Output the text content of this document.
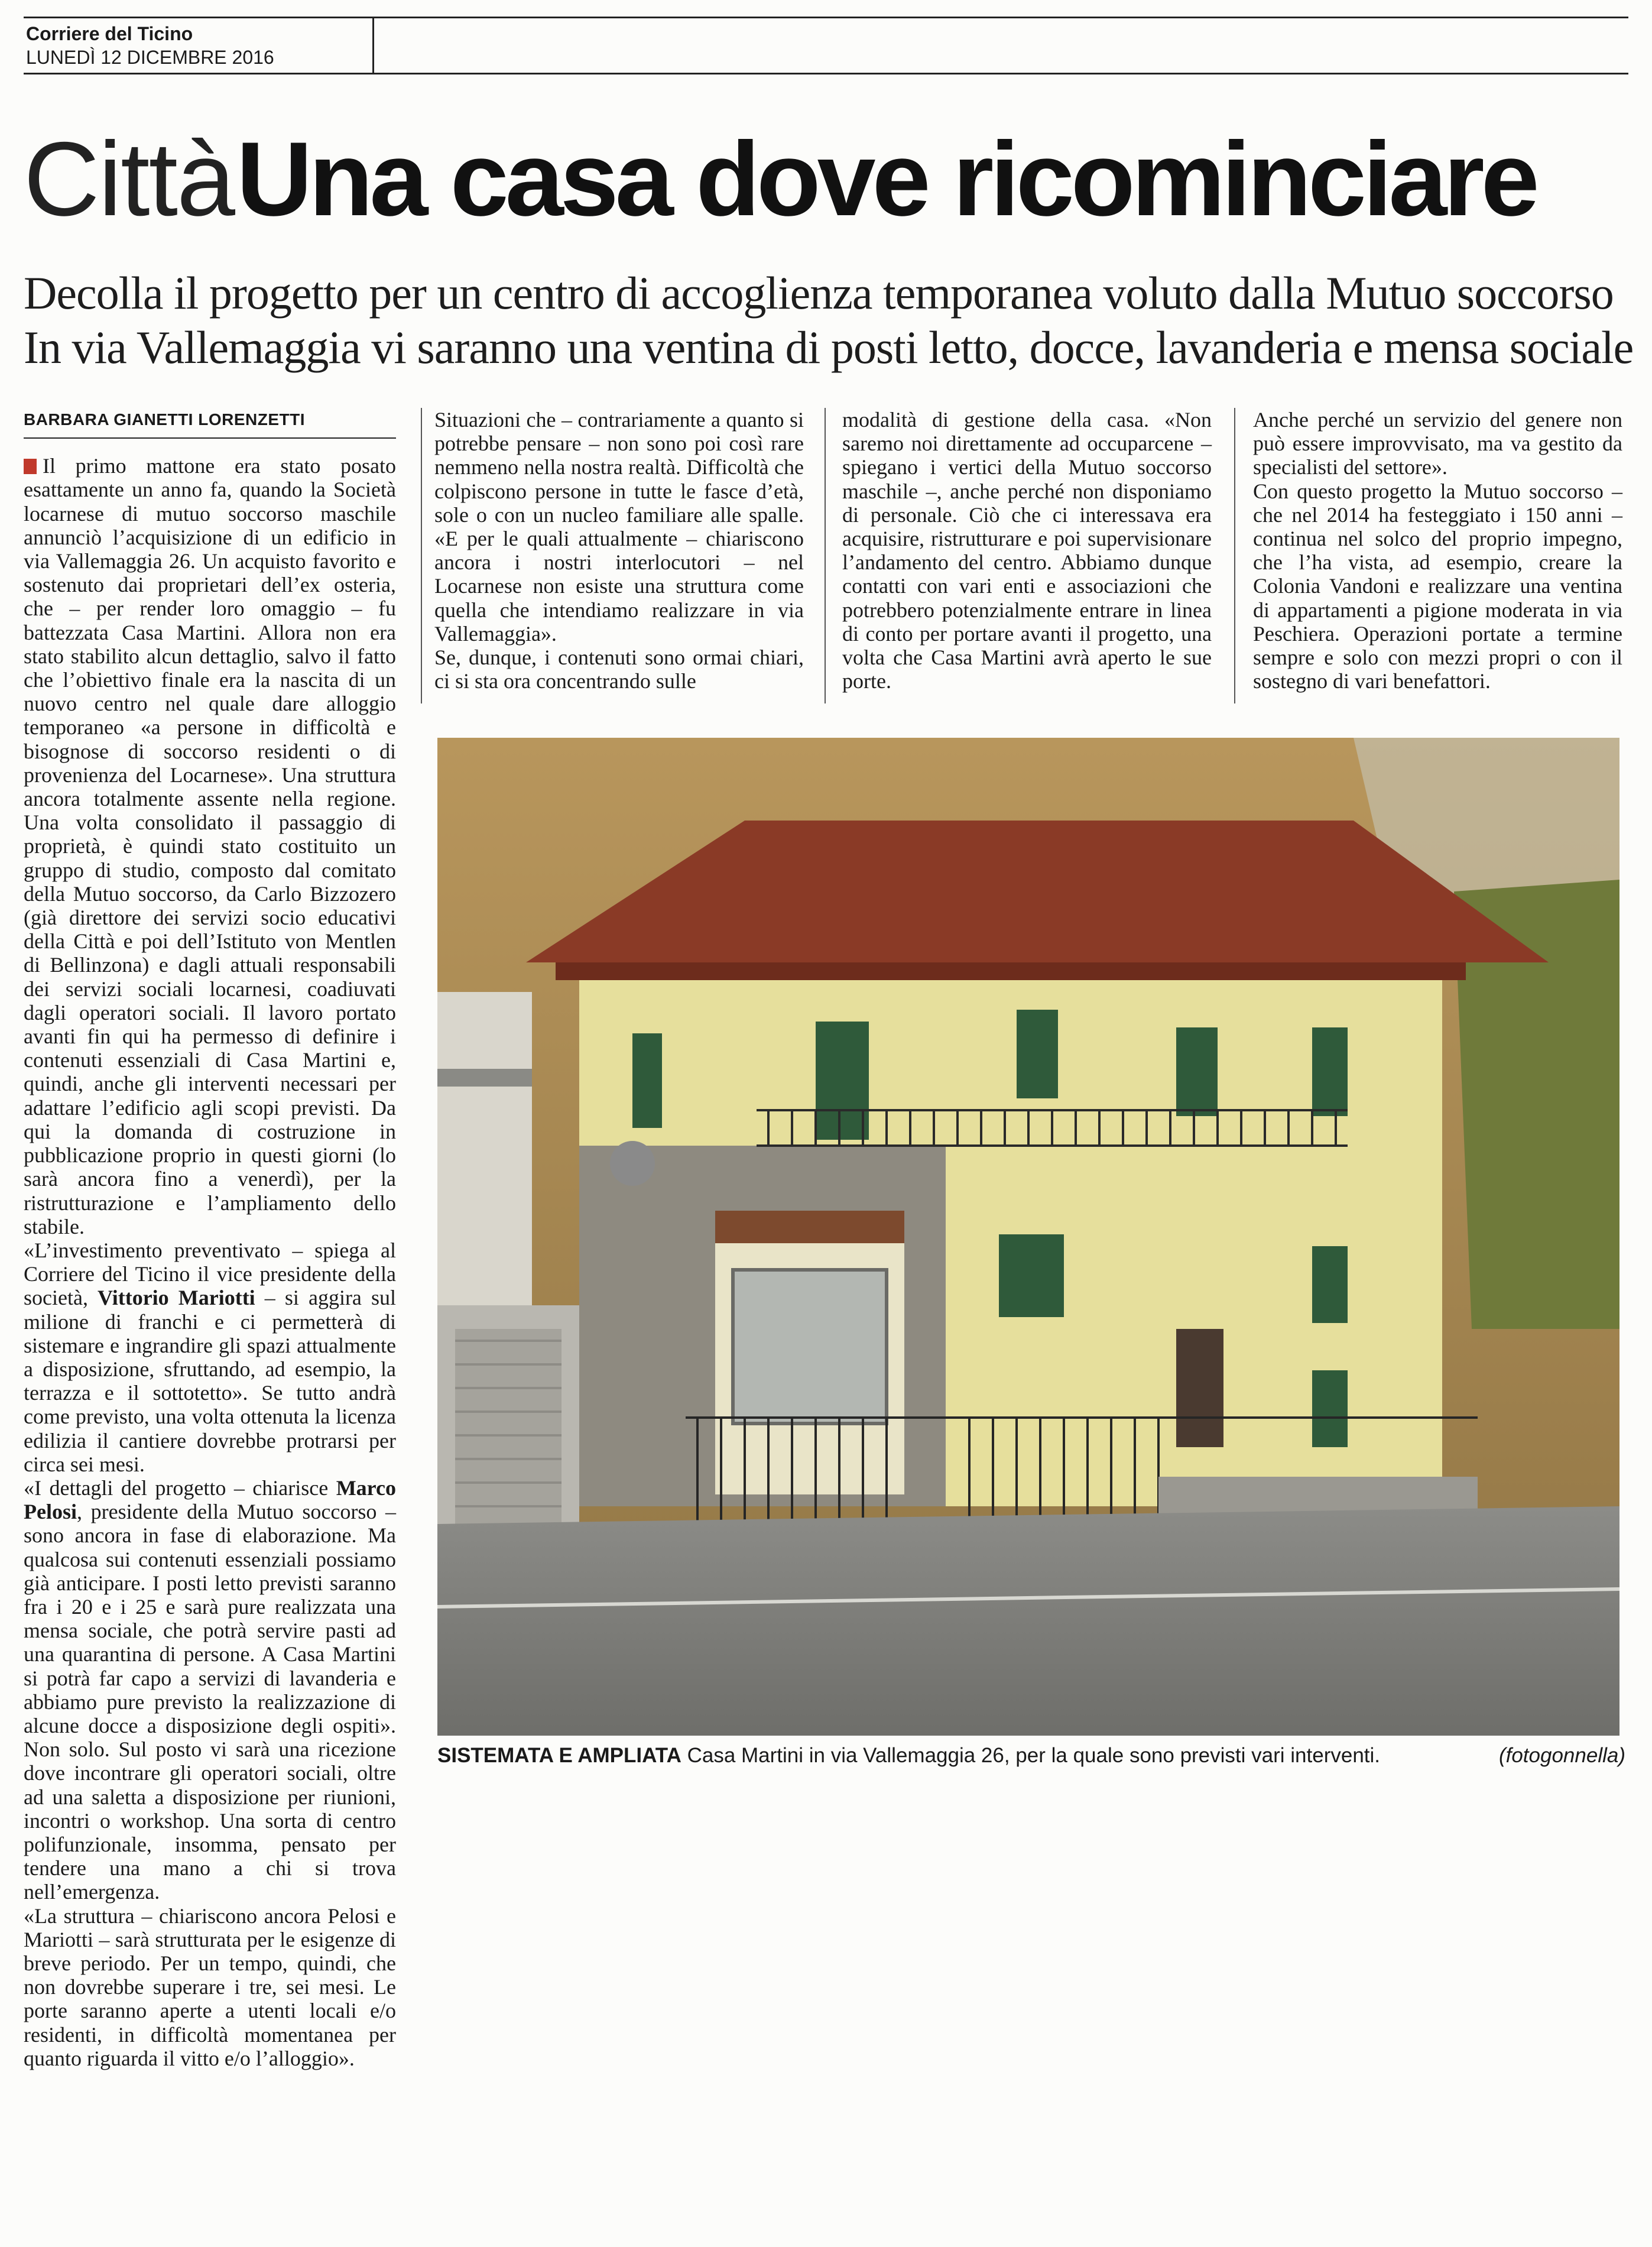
Corriere del Ticino
LUNEDÌ 12 DICEMBRE 2016
Città Una casa dove ricominciare
Decolla il progetto per un centro di accoglienza temporanea voluto dalla Mutuo soccorso
In via Vallemaggia vi saranno una ventina di posti letto, docce, lavanderia e mensa sociale
BARBARA GIANETTI LORENZETTI

Il primo mattone era stato posato esattamente un anno fa, quando la Società locarnese di mutuo soccorso maschile annunciò l’acquisizione di un edificio in via Vallemaggia 26. Un acquisto favorito e sostenuto dai proprietari dell’ex osteria, che – per render loro omaggio – fu battezzata Casa Martini. Allora non era stato stabilito alcun dettaglio, salvo il fatto che l’obiettivo finale era la nascita di un nuovo centro nel quale dare alloggio temporaneo «a persone in difficoltà e bisognose di soccorso residenti o di provenienza del Locarnese». Una struttura ancora totalmente assente nella regione. Una volta consolidato il passaggio di proprietà, è quindi stato costituito un gruppo di studio, composto dal comitato della Mutuo soccorso, da Carlo Bizzozero (già direttore dei servizi socio educativi della Città e poi dell’Istituto von Mentlen di Bellinzona) e dagli attuali responsabili dei servizi sociali locarnesi, coadiuvati dagli operatori sociali. Il lavoro portato avanti fin qui ha permesso di definire i contenuti essenziali di Casa Martini e, quindi, anche gli interventi necessari per adattare l’edificio agli scopi previsti. Da qui la domanda di costruzione in pubblicazione proprio in questi giorni (lo sarà ancora fino a venerdì), per la ristrutturazione e l’ampliamento dello stabile.

«L’investimento preventivato – spiega al Corriere del Ticino il vice presidente della società, Vittorio Mariotti – si aggira sul milione di franchi e ci permetterà di sistemare e ingrandire gli spazi attualmente a disposizione, sfruttando, ad esempio, la terrazza e il sottotetto». Se tutto andrà come previsto, una volta ottenuta la licenza edilizia il cantiere dovrebbe protrarsi per circa sei mesi.

«I dettagli del progetto – chiarisce Marco Pelosi, presidente della Mutuo soccorso – sono ancora in fase di elaborazione. Ma qualcosa sui contenuti essenziali possiamo già anticipare. I posti letto previsti saranno fra i 20 e i 25 e sarà pure realizzata una mensa sociale, che potrà servire pasti ad una quarantina di persone. A Casa Martini si potrà far capo a servizi di lavanderia e abbiamo pure previsto la realizzazione di alcune docce a disposizione degli ospiti». Non solo. Sul posto vi sarà una ricezione dove incontrare gli operatori sociali, oltre ad una saletta a disposizione per riunioni, incontri o workshop. Una sorta di centro polifunzionale, insomma, pensato per tendere una mano a chi si trova nell’emergenza.

«La struttura – chiariscono ancora Pelosi e Mariotti – sarà strutturata per le esigenze di breve periodo. Per un tempo, quindi, che non dovrebbe superare i tre, sei mesi. Le porte saranno aperte a utenti locali e/o residenti, in difficoltà momentanea per quanto riguarda il vitto e/o l’alloggio».

Situazioni che – contrariamente a quanto si potrebbe pensare – non sono poi così rare nemmeno nella nostra realtà. Difficoltà che colpiscono persone in tutte le fasce d’età, sole o con un nucleo familiare alle spalle. «E per le quali attualmente – chiariscono ancora i nostri interlocutori – nel Locarnese non esiste una struttura come quella che intendiamo realizzare in via Vallemaggia».

Se, dunque, i contenuti sono ormai chiari, ci si sta ora concentrando sulle

modalità di gestione della casa. «Non saremo noi direttamente ad occuparcene – spiegano i vertici della Mutuo soccorso maschile –, anche perché non disponiamo di personale. Ciò che ci interessava era acquisire, ristrutturare e poi supervisionare l’andamento del centro. Abbiamo dunque contatti con vari enti e associazioni che potrebbero potenzialmente entrare in linea di conto per portare avanti il progetto, una volta che Casa Martini avrà aperto le sue porte.

Anche perché un servizio del genere non può essere improvvisato, ma va gestito da specialisti del settore».

Con questo progetto la Mutuo soccorso – che nel 2014 ha festeggiato i 150 anni – continua nel solco del proprio impegno, che l’ha vista, ad esempio, creare la Colonia Vandoni e realizzare una ventina di appartamenti a pigione moderata in via Peschiera. Operazioni portate a termine sempre e solo con mezzi propri o con il sostegno di vari benefattori.

SISTEMATA E AMPLIATA Casa Martini in via Vallemaggia 26, per la quale sono previsti vari interventi.	(fotogonnella)
